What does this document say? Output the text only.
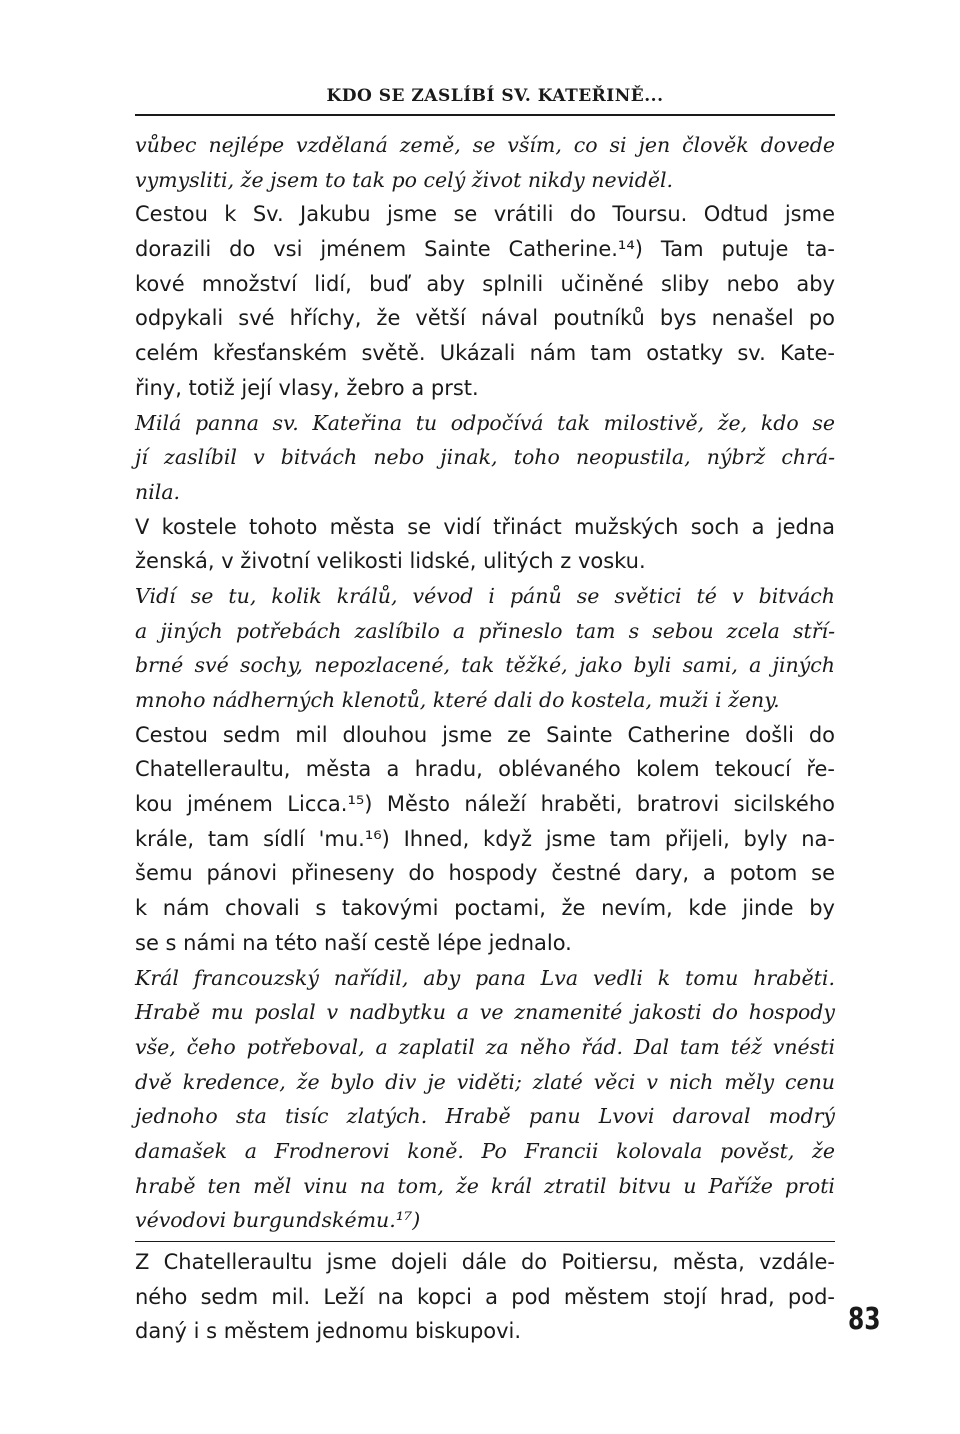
KDO SE ZASLÍBÍ SV. KATEŘINĚ...
vůbec nejlépe vzdělaná země, se vším, co si jen člověk dovede
vymysliti, že jsem to tak po celý život nikdy neviděl.
Cestou k Sv. Jakubu jsme se vrátili do Toursu. Odtud jsme
dorazili do vsi jménem Sainte Catherine.¹⁴) Tam putuje ta-
kové množství lidí, buď aby splnili učiněné sliby nebo aby
odpykali své hříchy, že větší nával poutníků bys nenašel po
celém křesťanském světě. Ukázali nám tam ostatky sv. Kate-
řiny, totiž její vlasy, žebro a prst.
Milá panna sv. Kateřina tu odpočívá tak milostivě, že, kdo se
jí zaslíbil v bitvách nebo jinak, toho neopustila, nýbrž chrá-
nila.
V kostele tohoto města se vidí třináct mužských soch a jedna
ženská, v životní velikosti lidské, ulitých z vosku.
Vidí se tu, kolik králů, vévod i pánů se světici té v bitvách
a jiných potřebách zaslíbilo a přineslo tam s sebou zcela stří-
brné své sochy, nepozlacené, tak těžké, jako byli sami, a jiných
mnoho nádherných klenotů, které dali do kostela, muži i ženy.
Cestou sedm mil dlouhou jsme ze Sainte Catherine došli do
Chatelleraultu, města a hradu, oblévaného kolem tekoucí ře-
kou jménem Licca.¹⁵) Město náleží hraběti, bratrovi sicilského
krále, tam sídlí 'mu.¹⁶) Ihned, když jsme tam přijeli, byly na-
šemu pánovi přineseny do hospody čestné dary, a potom se
k nám chovali s takovými poctami, že nevím, kde jinde by
se s námi na této naší cestě lépe jednalo.
Král francouzský nařídil, aby pana Lva vedli k tomu hraběti.
Hrabě mu poslal v nadbytku a ve znamenité jakosti do hospody
vše, čeho potřeboval, a zaplatil za něho řád. Dal tam též vnésti
dvě kredence, že bylo div je viděti; zlaté věci v nich měly cenu
jednoho sta tisíc zlatých. Hrabě panu Lvovi daroval modrý
damašek a Frodnerovi koně. Po Francii kolovala pověst, že
hrabě ten měl vinu na tom, že král ztratil bitvu u Paříže proti
vévodovi burgundskému.¹⁷)
Z Chatelleraultu jsme dojeli dále do Poitiersu, města, vzdále-
ného sedm mil. Leží na kopci a pod městem stojí hrad, pod-
daný i s městem jednomu biskupovi.	83
